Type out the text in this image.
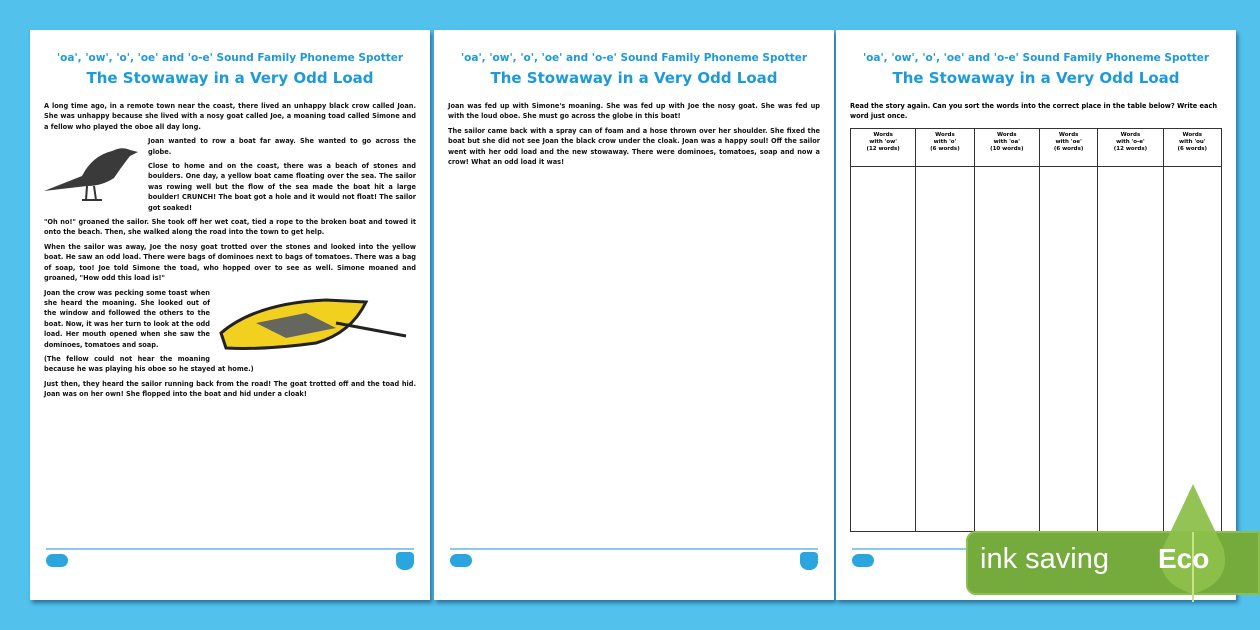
'oa', 'ow', 'o', 'oe' and 'o-e' Sound Family Phoneme Spotter
The Stowaway in a Very Odd Load

A long time ago, in a remote town near the coast, there lived an unhappy black crow called Joan. She was unhappy because she lived with a nosy goat called Joe, a moaning toad called Simone and a fellow who played the oboe all day long.

Joan wanted to row a boat far away. She wanted to go across the globe.

Close to home and on the coast, there was a beach of stones and boulders. One day, a yellow boat came floating over the sea. The sailor was rowing well but the flow of the sea made the boat hit a large boulder! CRUNCH! The boat got a hole and it would not float! The sailor got soaked!

"Oh no!" groaned the sailor. She took off her wet coat, tied a rope to the broken boat and towed it onto the beach. Then, she walked along the road into the town to get help.

When the sailor was away, Joe the nosy goat trotted over the stones and looked into the yellow boat. He saw an odd load. There were bags of dominoes next to bags of tomatoes. There was a bag of soap, too! Joe told Simone the toad, who hopped over to see as well. Simone moaned and groaned, "How odd this load is!"

Joan the crow was pecking some toast when she heard the moaning. She looked out of the window and followed the others to the boat. Now, it was her turn to look at the odd load. Her mouth opened when she saw the dominoes, tomatoes and soap.

(The fellow could not hear the moaning because he was playing his oboe so he stayed at home.)

Just then, they heard the sailor running back from the road! The goat trotted off and the toad hid. Joan was on her own! She flopped into the boat and hid under a cloak!

'oa', 'ow', 'o', 'oe' and 'o-e' Sound Family Phoneme Spotter
The Stowaway in a Very Odd Load

Joan was fed up with Simone's moaning. She was fed up with Joe the nosy goat. She was fed up with the loud oboe. She must go across the globe in this boat!

The sailor came back with a spray can of foam and a hose thrown over her shoulder. She fixed the boat but she did not see Joan the black crow under the cloak. Joan was a happy soul! Off the sailor went with her odd load and the new stowaway. There were dominoes, tomatoes, soap and now a crow! What an odd load it was!

'oa', 'ow', 'o', 'oe' and 'o-e' Sound Family Phoneme Spotter
The Stowaway in a Very Odd Load
Read the story again. Can you sort the words into the correct place in the table below? Write each word just once.
Words
with 'ow'
(12 words)	Words
with 'o'
(6 words)	Words
with 'oa'
(10 words)	Words
with 'oe'
(6 words)	Words
with 'o-e'
(12 words)	Words
with 'ou'
(6 words)

ink saving Eco
